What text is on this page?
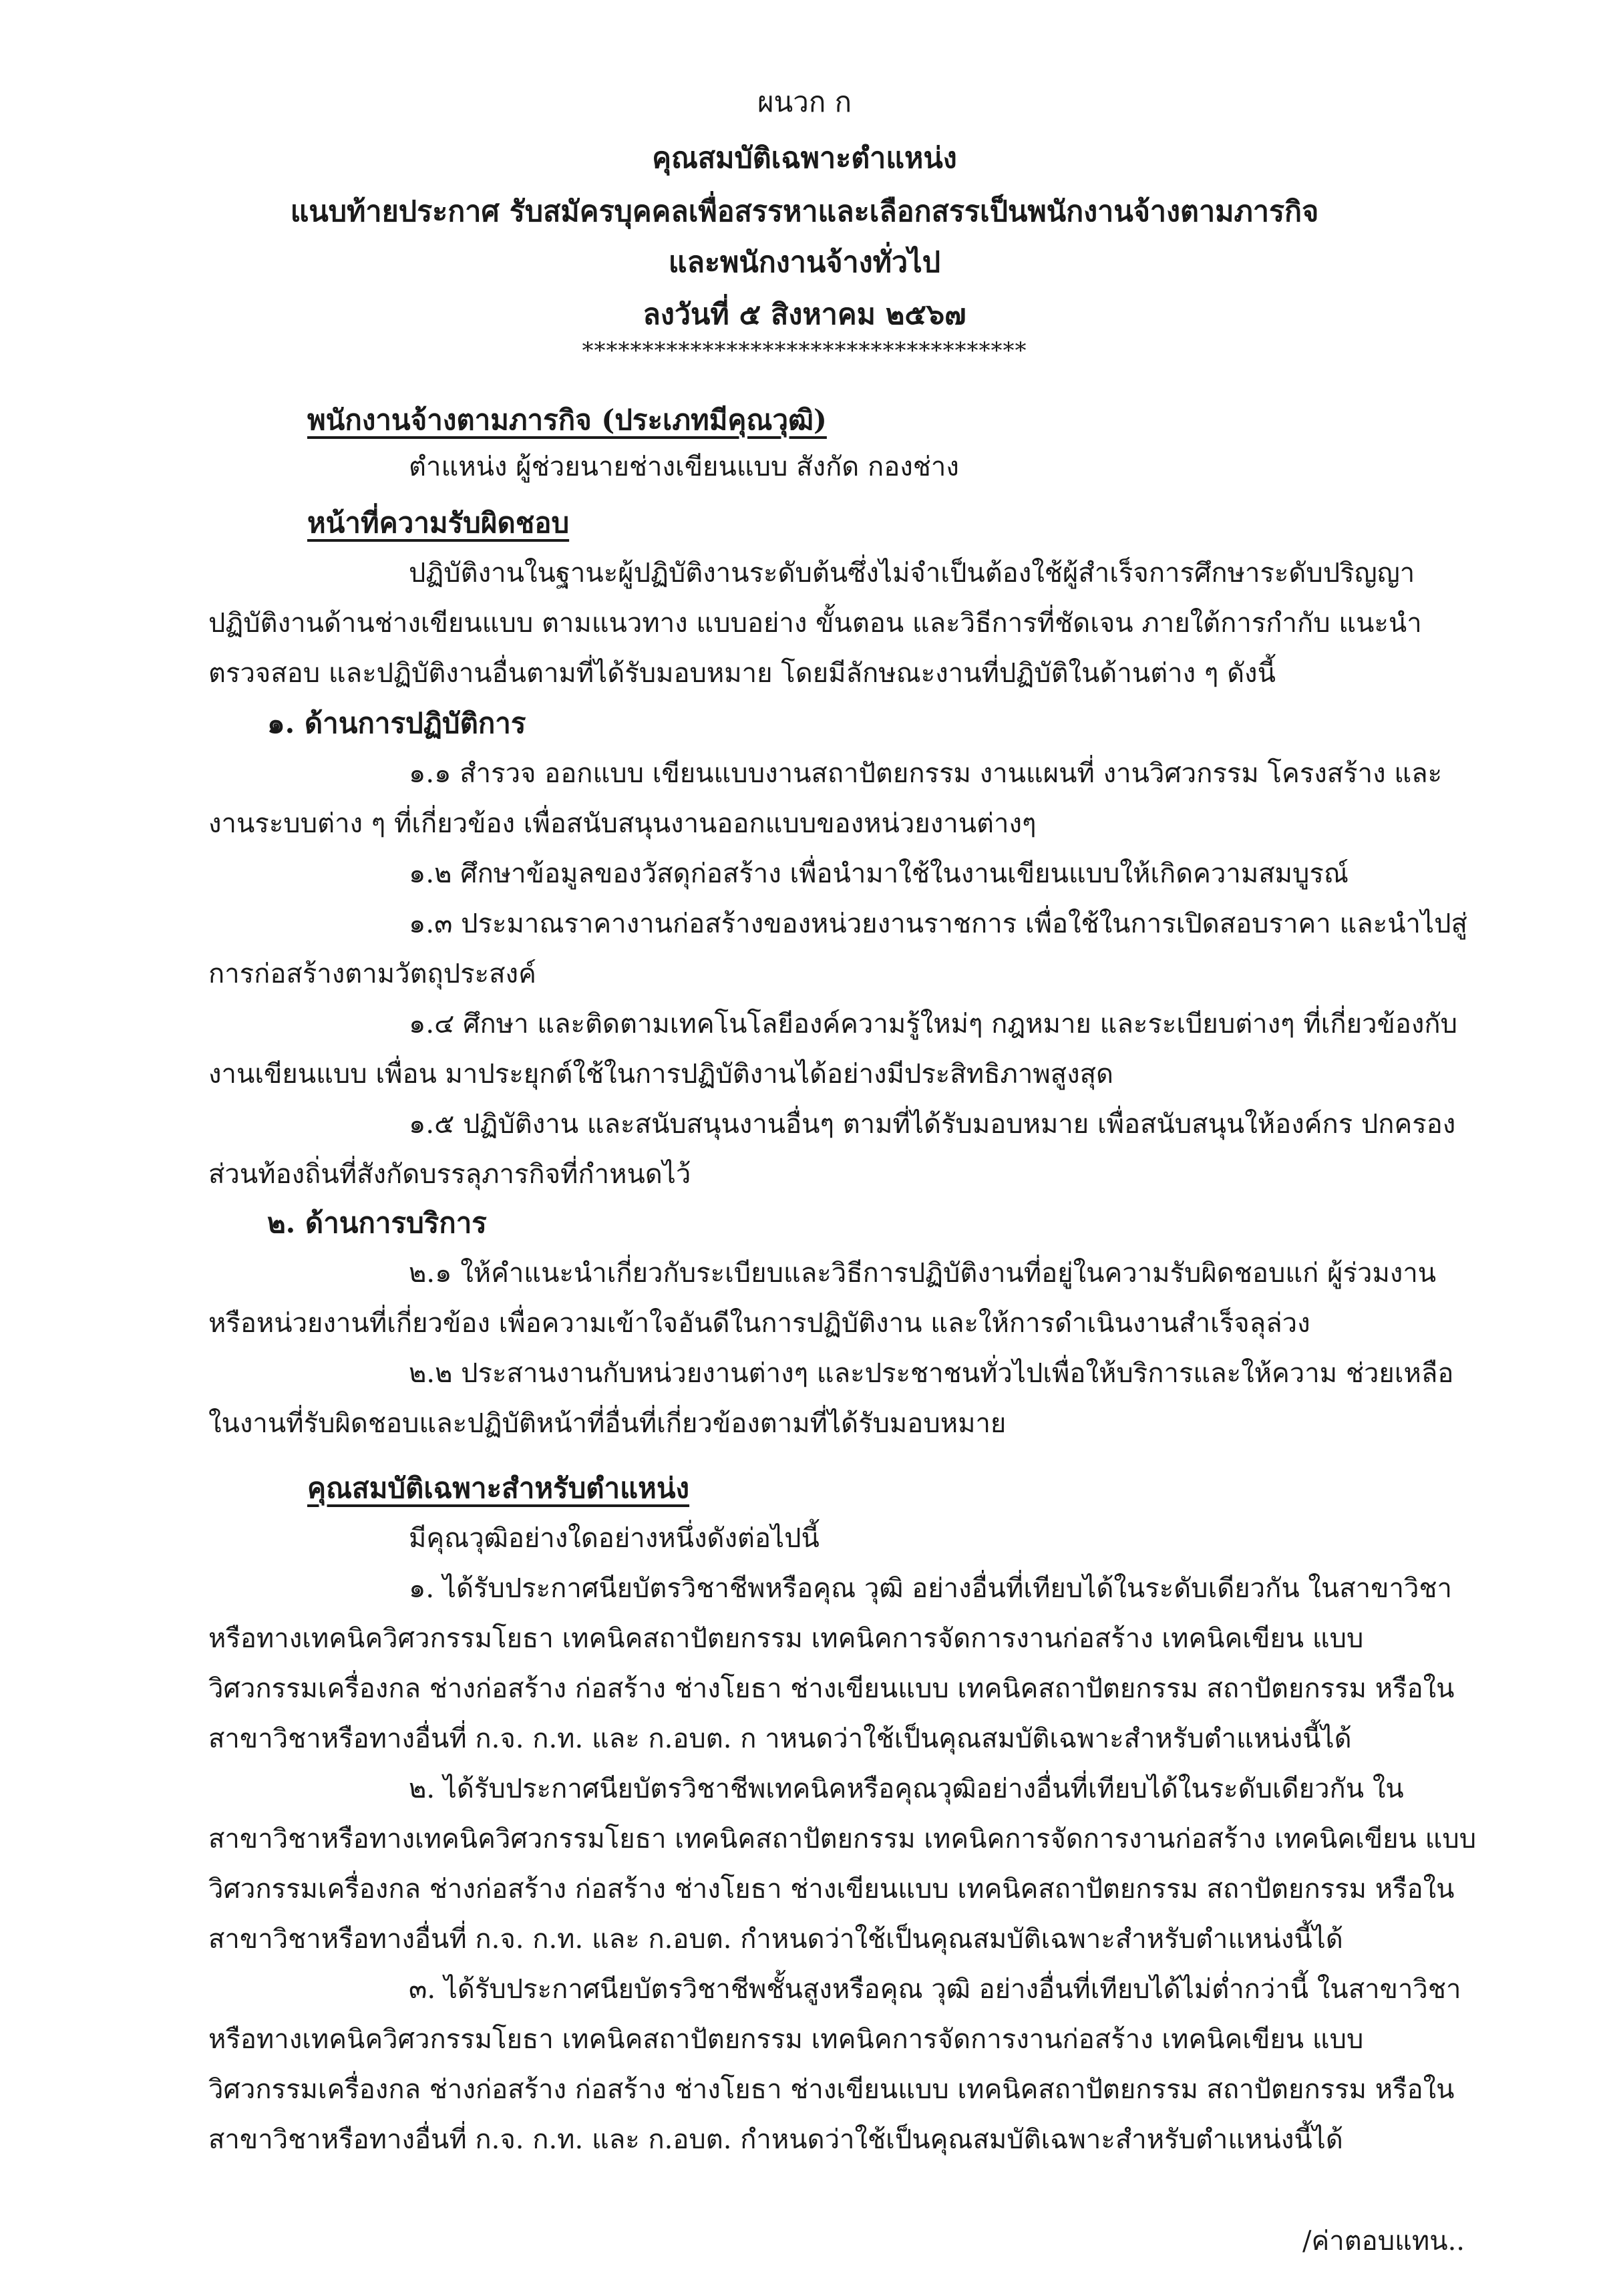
ผนวก ก
คุณสมบัติเฉพาะตำแหน่ง
แนบท้ายประกาศ รับสมัครบุคคลเพื่อสรรหาและเลือกสรรเป็นพนักงานจ้างตามภารกิจ
และพนักงานจ้างทั่วไป
ลงวันที่ ๕ สิงหาคม ๒๕๖๗
*************************************
พนักงานจ้างตามภารกิจ (ประเภทมีคุณวุฒิ)
ตำแหน่ง ผู้ช่วยนายช่างเขียนแบบ สังกัด กองช่าง
หน้าที่ความรับผิดชอบ
ปฏิบัติงานในฐานะผู้ปฏิบัติงานระดับต้นซึ่งไม่จำเป็นต้องใช้ผู้สำเร็จการศึกษาระดับปริญญา
ปฏิบัติงานด้านช่างเขียนแบบ ตามแนวทาง แบบอย่าง ขั้นตอน และวิธีการที่ชัดเจน ภายใต้การกำกับ แนะนำ
ตรวจสอบ และปฏิบัติงานอื่นตามที่ได้รับมอบหมาย โดยมีลักษณะงานที่ปฏิบัติในด้านต่าง ๆ ดังนี้
๑. ด้านการปฏิบัติการ
๑.๑ สำรวจ ออกแบบ เขียนแบบงานสถาปัตยกรรม งานแผนที่ งานวิศวกรรม โครงสร้าง และ
งานระบบต่าง ๆ ที่เกี่ยวข้อง เพื่อสนับสนุนงานออกแบบของหน่วยงานต่างๆ
๑.๒ ศึกษาข้อมูลของวัสดุก่อสร้าง เพื่อนำมาใช้ในงานเขียนแบบให้เกิดความสมบูรณ์
๑.๓ ประมาณราคางานก่อสร้างของหน่วยงานราชการ เพื่อใช้ในการเปิดสอบราคา และนำไปสู่
การก่อสร้างตามวัตถุประสงค์
๑.๔ ศึกษา และติดตามเทคโนโลยีองค์ความรู้ใหม่ๆ กฎหมาย และระเบียบต่างๆ ที่เกี่ยวข้องกับ
งานเขียนแบบ เพื่อน มาประยุกต์ใช้ในการปฏิบัติงานได้อย่างมีประสิทธิภาพสูงสุด
๑.๕ ปฏิบัติงาน และสนับสนุนงานอื่นๆ ตามที่ได้รับมอบหมาย เพื่อสนับสนุนให้องค์กร ปกครอง
ส่วนท้องถิ่นที่สังกัดบรรลุภารกิจที่กำหนดไว้
๒. ด้านการบริการ
๒.๑ ให้คำแนะนำเกี่ยวกับระเบียบและวิธีการปฏิบัติงานที่อยู่ในความรับผิดชอบแก่ ผู้ร่วมงาน
หรือหน่วยงานที่เกี่ยวข้อง เพื่อความเข้าใจอันดีในการปฏิบัติงาน และให้การดำเนินงานสำเร็จลุล่วง
๒.๒ ประสานงานกับหน่วยงานต่างๆ และประชาชนทั่วไปเพื่อให้บริการและให้ความ ช่วยเหลือ
ในงานที่รับผิดชอบและปฏิบัติหน้าที่อื่นที่เกี่ยวข้องตามที่ได้รับมอบหมาย
คุณสมบัติเฉพาะสำหรับตำแหน่ง
มีคุณวุฒิอย่างใดอย่างหนึ่งดังต่อไปนี้
๑. ได้รับประกาศนียบัตรวิชาชีพหรือคุณ วุฒิ อย่างอื่นที่เทียบได้ในระดับเดียวกัน ในสาขาวิชา
หรือทางเทคนิควิศวกรรมโยธา เทคนิคสถาปัตยกรรม เทคนิคการจัดการงานก่อสร้าง เทคนิคเขียน แบบ
วิศวกรรมเครื่องกล ช่างก่อสร้าง ก่อสร้าง ช่างโยธา ช่างเขียนแบบ เทคนิคสถาปัตยกรรม สถาปัตยกรรม หรือใน
สาขาวิชาหรือทางอื่นที่ ก.จ. ก.ท. และ ก.อบต. ก าหนดว่าใช้เป็นคุณสมบัติเฉพาะสำหรับตำแหน่งนี้ได้
๒. ได้รับประกาศนียบัตรวิชาชีพเทคนิคหรือคุณวุฒิอย่างอื่นที่เทียบได้ในระดับเดียวกัน ใน
สาขาวิชาหรือทางเทคนิควิศวกรรมโยธา เทคนิคสถาปัตยกรรม เทคนิคการจัดการงานก่อสร้าง เทคนิคเขียน แบบ
วิศวกรรมเครื่องกล ช่างก่อสร้าง ก่อสร้าง ช่างโยธา ช่างเขียนแบบ เทคนิคสถาปัตยกรรม สถาปัตยกรรม หรือใน
สาขาวิชาหรือทางอื่นที่ ก.จ. ก.ท. และ ก.อบต. กำหนดว่าใช้เป็นคุณสมบัติเฉพาะสำหรับตำแหน่งนี้ได้
๓. ได้รับประกาศนียบัตรวิชาชีพชั้นสูงหรือคุณ วุฒิ อย่างอื่นที่เทียบได้ไม่ต่ำกว่านี้ ในสาขาวิชา
หรือทางเทคนิควิศวกรรมโยธา เทคนิคสถาปัตยกรรม เทคนิคการจัดการงานก่อสร้าง เทคนิคเขียน แบบ
วิศวกรรมเครื่องกล ช่างก่อสร้าง ก่อสร้าง ช่างโยธา ช่างเขียนแบบ เทคนิคสถาปัตยกรรม สถาปัตยกรรม หรือใน
สาขาวิชาหรือทางอื่นที่ ก.จ. ก.ท. และ ก.อบต. กำหนดว่าใช้เป็นคุณสมบัติเฉพาะสำหรับตำแหน่งนี้ได้
/ค่าตอบแทน..
